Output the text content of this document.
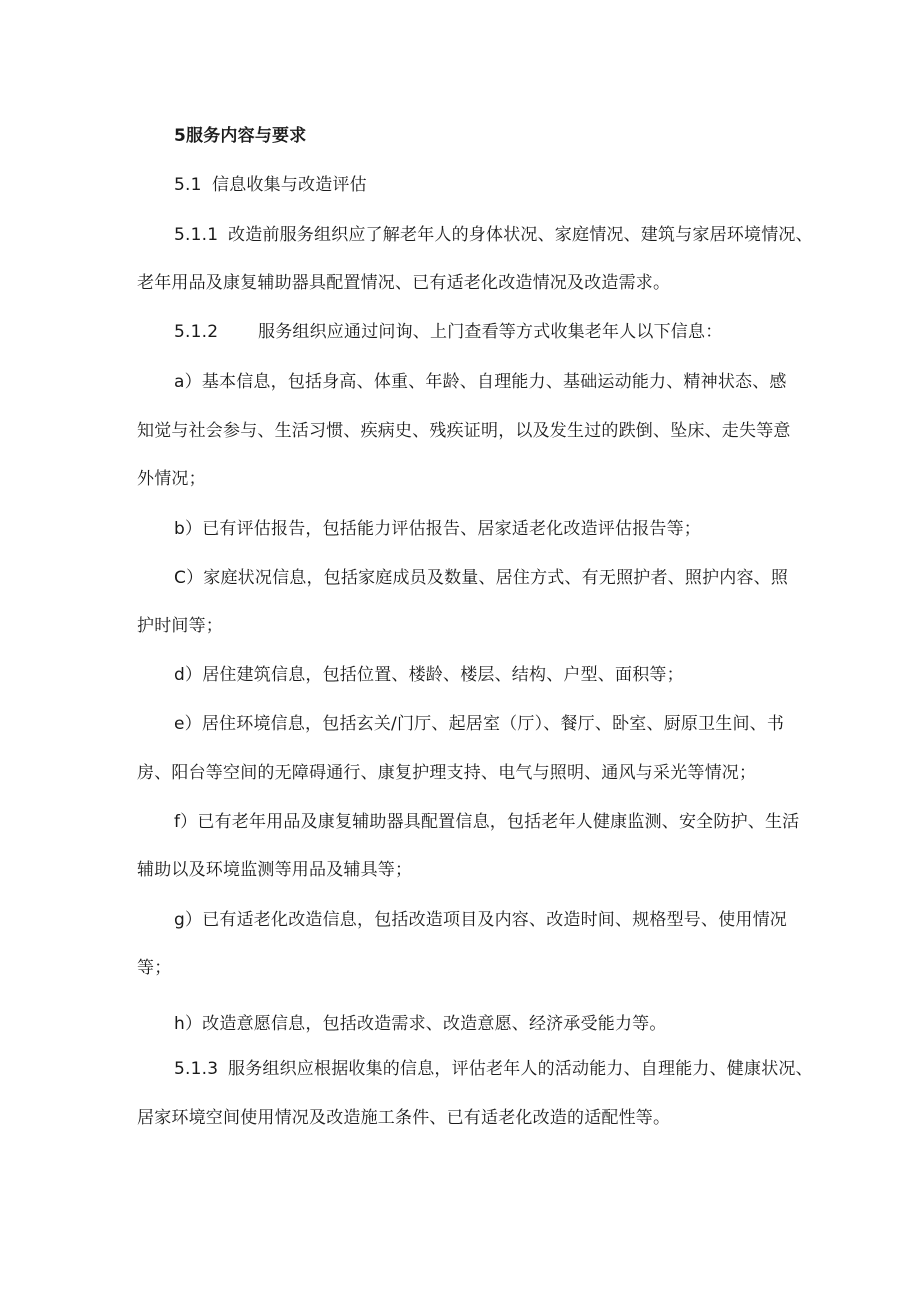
5服务内容与要求

5.1 信息收集与改造评估

5.1.1 改造前服务组织应了解老年人的身体状况、家庭情况、建筑与家居环境情况、

老年用品及康复辅助器具配置情况、已有适老化改造情况及改造需求。

5.1.2 服务组织应通过问询、上门查看等方式收集老年人以下信息：

a）基本信息，包括身高、体重、年龄、自理能力、基础运动能力、精神状态、感

知觉与社会参与、生活习惯、疾病史、残疾证明，以及发生过的跌倒、坠床、走失等意

外情况；

b）已有评估报告，包括能力评估报告、居家适老化改造评估报告等；

C）家庭状况信息，包括家庭成员及数量、居住方式、有无照护者、照护内容、照

护时间等；

d）居住建筑信息，包括位置、楼龄、楼层、结构、户型、面积等；

e）居住环境信息，包括玄关/门厅、起居室（厅）、餐厅、卧室、厨原卫生间、书

房、阳台等空间的无障碍通行、康复护理支持、电气与照明、通风与采光等情况；

f）已有老年用品及康复辅助器具配置信息，包括老年人健康监测、安全防护、生活

辅助以及环境监测等用品及辅具等；

g）已有适老化改造信息，包括改造项目及内容、改造时间、规格型号、使用情况

等；

h）改造意愿信息，包括改造需求、改造意愿、经济承受能力等。

5.1.3 服务组织应根据收集的信息，评估老年人的活动能力、自理能力、健康状况、

居家环境空间使用情况及改造施工条件、已有适老化改造的适配性等。
